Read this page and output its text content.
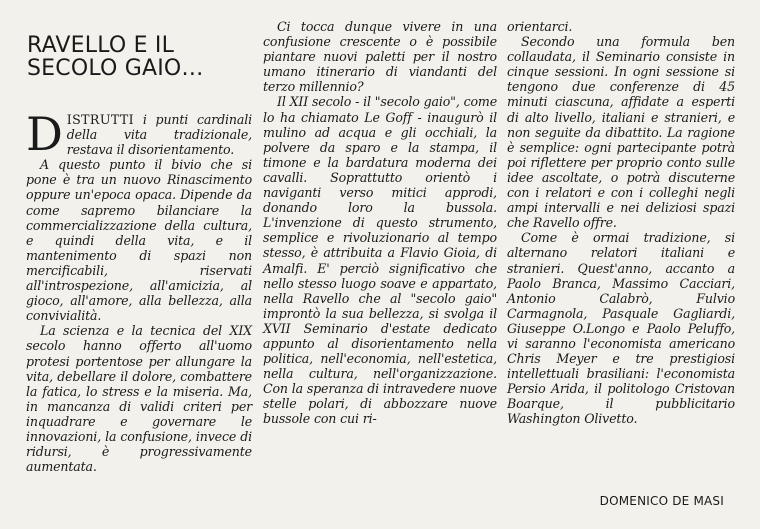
RAVELLO E IL SECOLO GAIO…

DISTRUTTI i punti cardinali della vita tradizionale, restava il disorientamento.

A questo punto il bivio che si pone è tra un nuovo Rinascimento oppure un'epoca opaca. Dipende da come sapremo bilanciare la commercializzazione della cultura, e quindi della vita, e il mantenimento di spazi non mercificabili, riservati all'introspezione, all'amicizia, al gioco, all'amore, alla bellezza, alla convivialità.

La scienza e la tecnica del XIX secolo hanno offerto all'uomo protesi portentose per allungare la vita, debellare il dolore, combattere la fatica, lo stress e la miseria. Ma, in mancanza di validi criteri per inquadrare e governare le innovazioni, la confusione, invece di ridursi, è progressivamente aumentata.

Ci tocca dunque vivere in una confusione crescente o è possibile piantare nuovi paletti per il nostro umano itinerario di viandanti del terzo millennio?

Il XII secolo - il "secolo gaio", come lo ha chiamato Le Goff - inaugurò il mulino ad acqua e gli occhiali, la polvere da sparo e la stampa, il timone e la bardatura moderna dei cavalli. Soprattutto orientò i naviganti verso mitici approdi, donando loro la bussola. L'invenzione di questo strumento, semplice e rivoluzionario al tempo stesso, è attribuita a Flavio Gioia, di Amalfi. E' perciò significativo che nello stesso luogo soave e appartato, nella Ravello che al "secolo gaio" improntò la sua bellezza, si svolga il XVII Seminario d'estate dedicato appunto al disorientamento nella politica, nell'economia, nell'estetica, nella cultura, nell'organizzazione. Con la speranza di intravedere nuove stelle polari, di abbozzare nuove bussole con cui ri-

orientarci.

Secondo una formula ben collaudata, il Seminario consiste in cinque sessioni. In ogni sessione si tengono due conferenze di 45 minuti ciascuna, affidate a esperti di alto livello, italiani e stranieri, e non seguite da dibattito. La ragione è semplice: ogni partecipante potrà poi riflettere per proprio conto sulle idee ascoltate, o potrà discuterne con i relatori e con i colleghi negli ampi intervalli e nei deliziosi spazi che Ravello offre.

Come è ormai tradizione, si alternano relatori italiani e stranieri. Quest'anno, accanto a Paolo Branca, Massimo Cacciari, Antonio Calabrò, Fulvio Carmagnola, Pasquale Gagliardi, Giuseppe O.Longo e Paolo Peluffo, vi saranno l'economista americano Chris Meyer e tre prestigiosi intellettuali brasiliani: l'economista Persio Arida, il politologo Cristovan Boarque, il pubblicitario Washington Olivetto.

DOMENICO DE MASI
